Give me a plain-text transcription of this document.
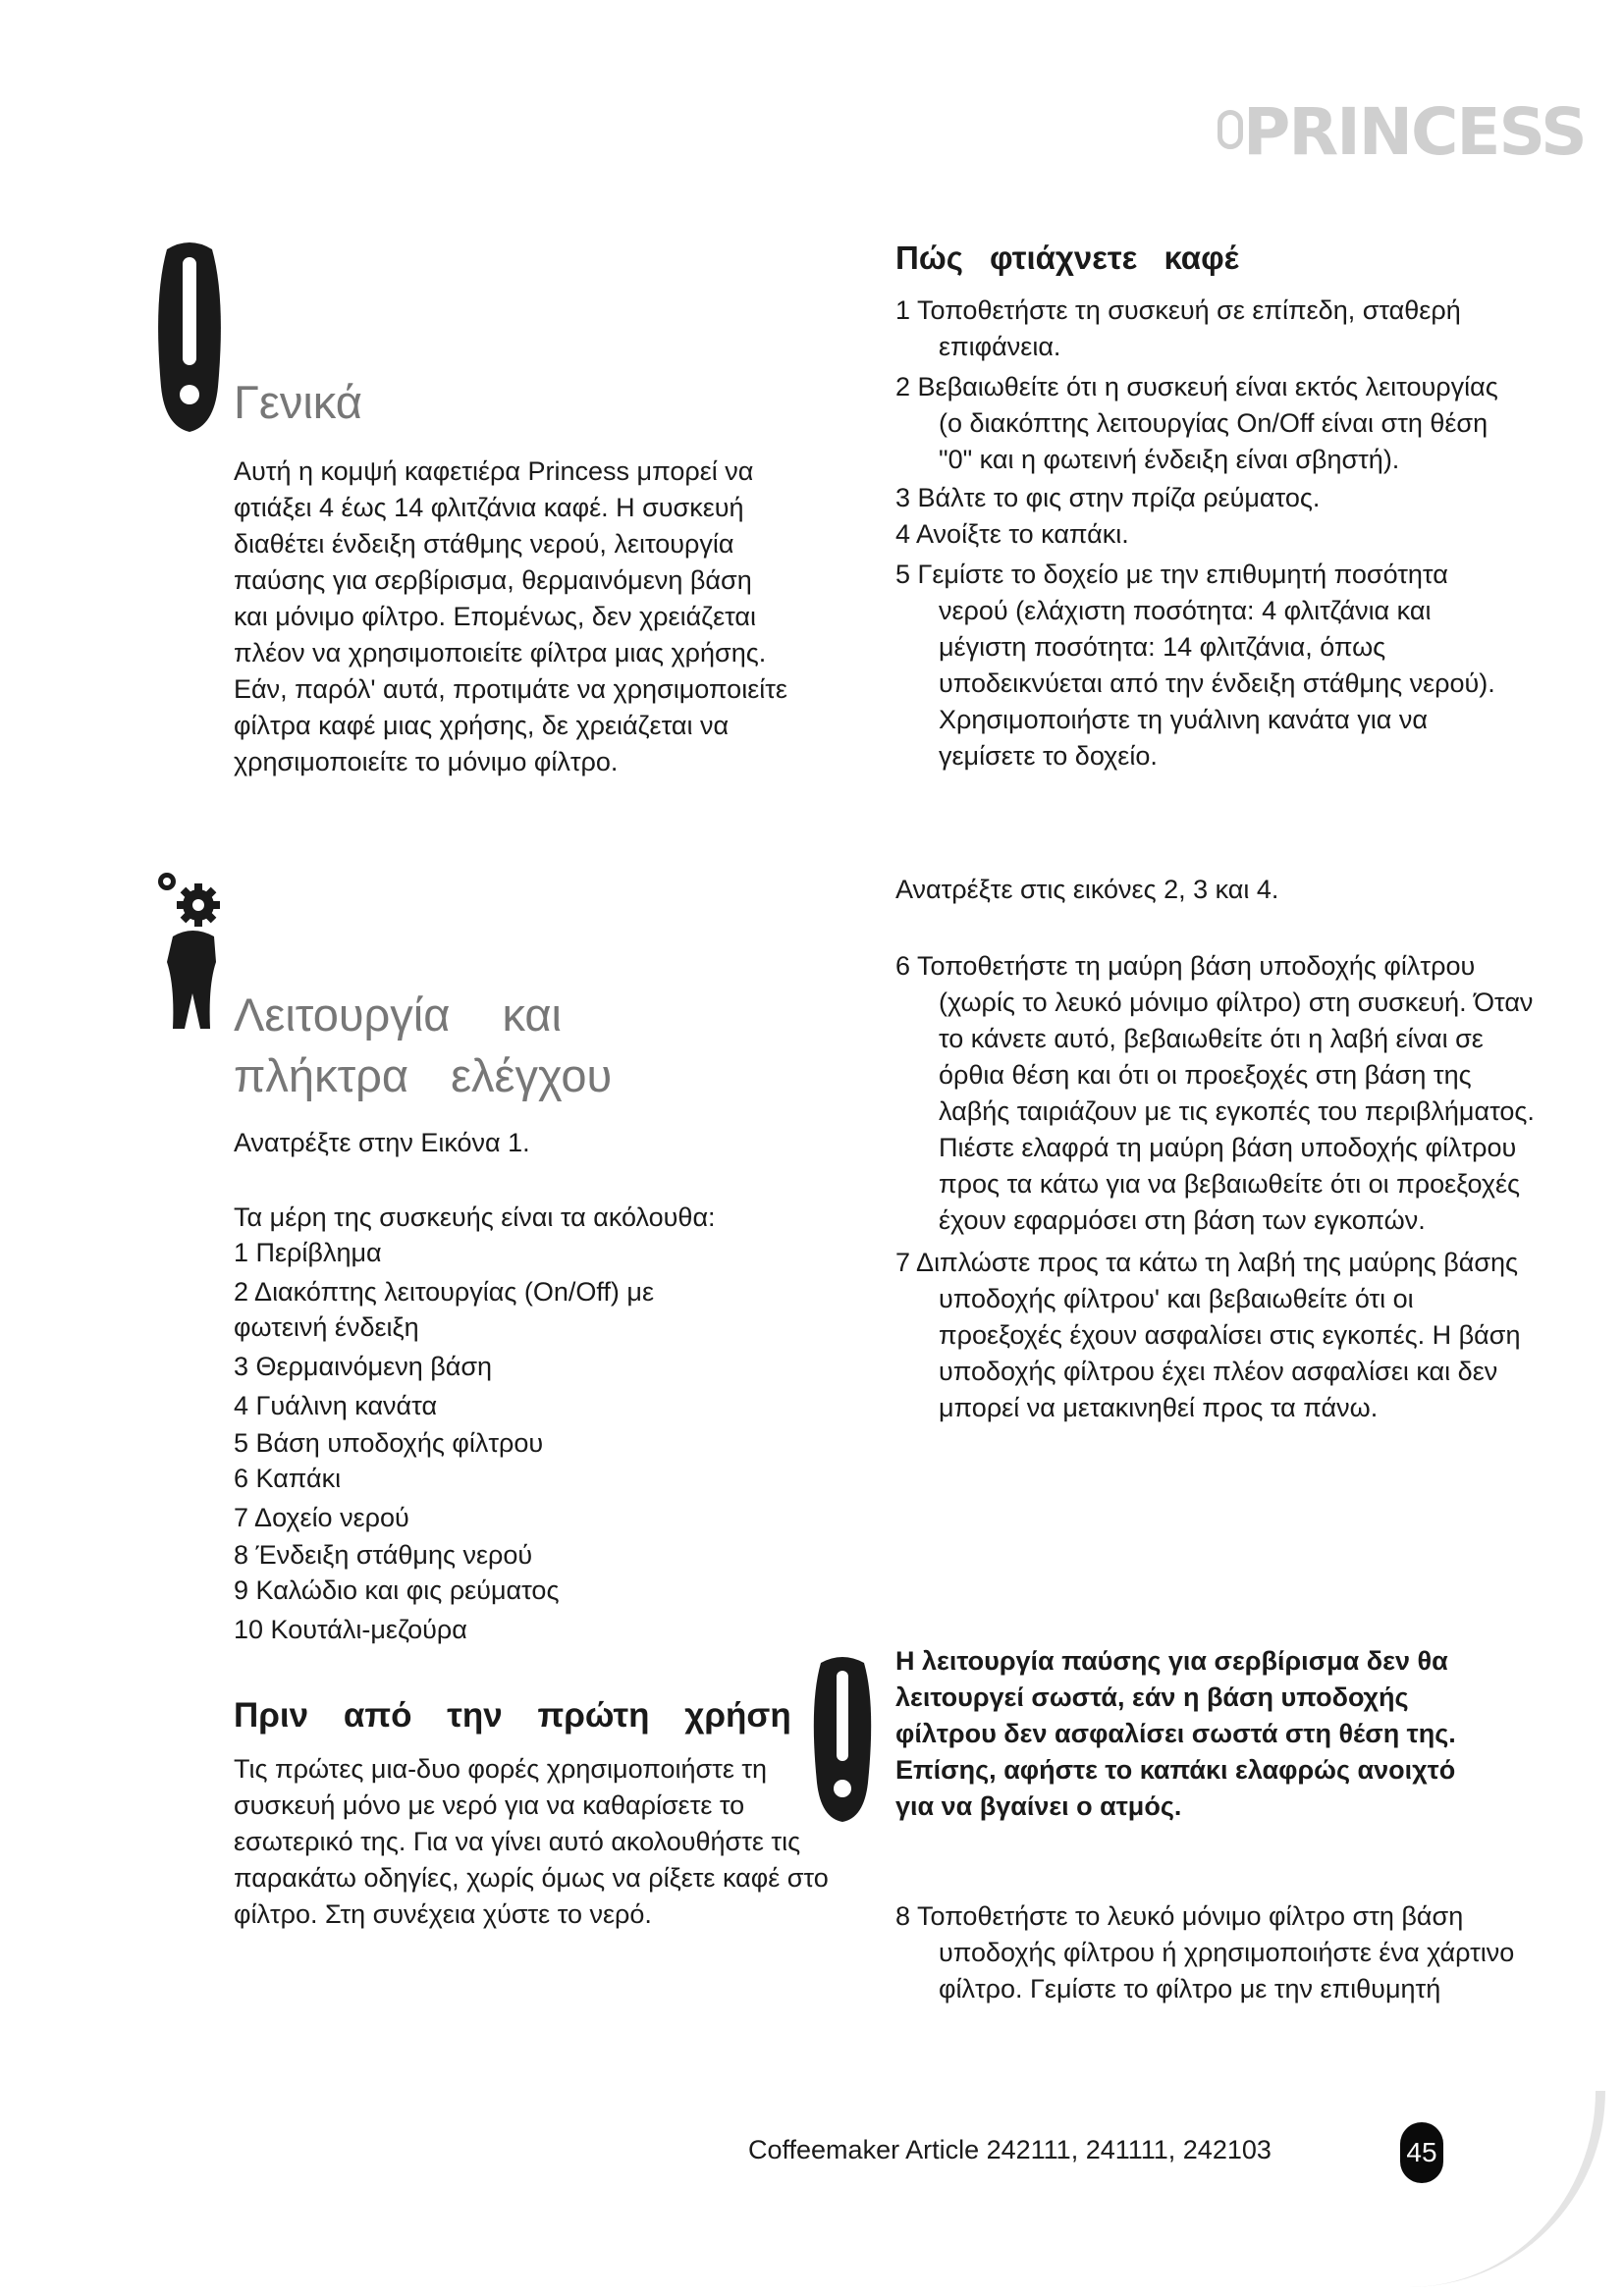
PRINCESS
Γενικά

Αυτή η κομψή καφετιέρα Princess μπορεί να φτιάξει 4 έως 14 φλιτζάνια καφέ. Η συσκευή διαθέτει ένδειξη στάθμης νερού, λειτουργία παύσης για σερβίρισμα, θερμαινόμενη βάση και μόνιμο φίλτρο. Επομένως, δεν χρειάζεται πλέον να χρησιμοποιείτε φίλτρα μιας χρήσης. Εάν, παρόλ' αυτά, προτιμάτε να χρησιμοποιείτε φίλτρα καφέ μιας χρήσης, δε χρειάζεται να χρησιμοποιείτε το μόνιμο φίλτρο.

Λειτουργία και
πλήκτρα ελέγχου
Ανατρέξτε στην Εικόνα 1.
Τα μέρη της συσκευής είναι τα ακόλουθα:
1 Περίβλημα
2 Διακόπτης λειτουργίας (On/Off) με φωτεινή ένδειξη
3 Θερμαινόμενη βάση
4 Γυάλινη κανάτα
5 Βάση υποδοχής φίλτρου
6 Καπάκι
7 Δοχείο νερού
8 Ένδειξη στάθμης νερού
9 Καλώδιο και φις ρεύματος
10 Κουτάλι-μεζούρα
Πριν από την πρώτη χρήση

Τις πρώτες μια-δυο φορές χρησιμοποιήστε τη συσκευή μόνο με νερό για να καθαρίσετε το εσωτερικό της. Για να γίνει αυτό ακολουθήστε τις παρακάτω οδηγίες, χωρίς όμως να ρίξετε καφέ στο φίλτρο. Στη συνέχεια χύστε το νερό.

Πώς φτιάχνετε καφέ
1 Τοποθετήστε τη συσκευή σε επίπεδη, σταθερή επιφάνεια.
2 Βεβαιωθείτε ότι η συσκευή είναι εκτός λειτουργίας (ο διακόπτης λειτουργίας On/Off είναι στη θέση "0" και η φωτεινή ένδειξη είναι σβηστή).
3 Βάλτε το φις στην πρίζα ρεύματος.
4 Ανοίξτε το καπάκι.
5 Γεμίστε το δοχείο με την επιθυμητή ποσότητα νερού (ελάχιστη ποσότητα: 4 φλιτζάνια και μέγιστη ποσότητα: 14 φλιτζάνια, όπως υποδεικνύεται από την ένδειξη στάθμης νερού). Χρησιμοποιήστε τη γυάλινη κανάτα για να γεμίσετε το δοχείο.
Ανατρέξτε στις εικόνες 2, 3 και 4.
6 Τοποθετήστε τη μαύρη βάση υποδοχής φίλτρου (χωρίς το λευκό μόνιμο φίλτρο) στη συσκευή. Όταν το κάνετε αυτό, βεβαιωθείτε ότι η λαβή είναι σε όρθια θέση και ότι οι προεξοχές στη βάση της λαβής ταιριάζουν με τις εγκοπές του περιβλήματος. Πιέστε ελαφρά τη μαύρη βάση υποδοχής φίλτρου προς τα κάτω για να βεβαιωθείτε ότι οι προεξοχές έχουν εφαρμόσει στη βάση των εγκοπών.
7 Διπλώστε προς τα κάτω τη λαβή της μαύρης βάσης υποδοχής φίλτρου' και βεβαιωθείτε ότι οι προεξοχές έχουν ασφαλίσει στις εγκοπές. Η βάση υποδοχής φίλτρου έχει πλέον ασφαλίσει και δεν μπορεί να μετακινηθεί προς τα πάνω.

Η λειτουργία παύσης για σερβίρισμα δεν θα λειτουργεί σωστά, εάν η βάση υποδοχής φίλτρου δεν ασφαλίσει σωστά στη θέση της. Επίσης, αφήστε το καπάκι ελαφρώς ανοιχτό για να βγαίνει ο ατμός.

8 Τοποθετήστε το λευκό μόνιμο φίλτρο στη βάση υποδοχής φίλτρου ή χρησιμοποιήστε ένα χάρτινο φίλτρο. Γεμίστε το φίλτρο με την επιθυμητή

Coffeemaker Article 242111, 241111, 242103	45
